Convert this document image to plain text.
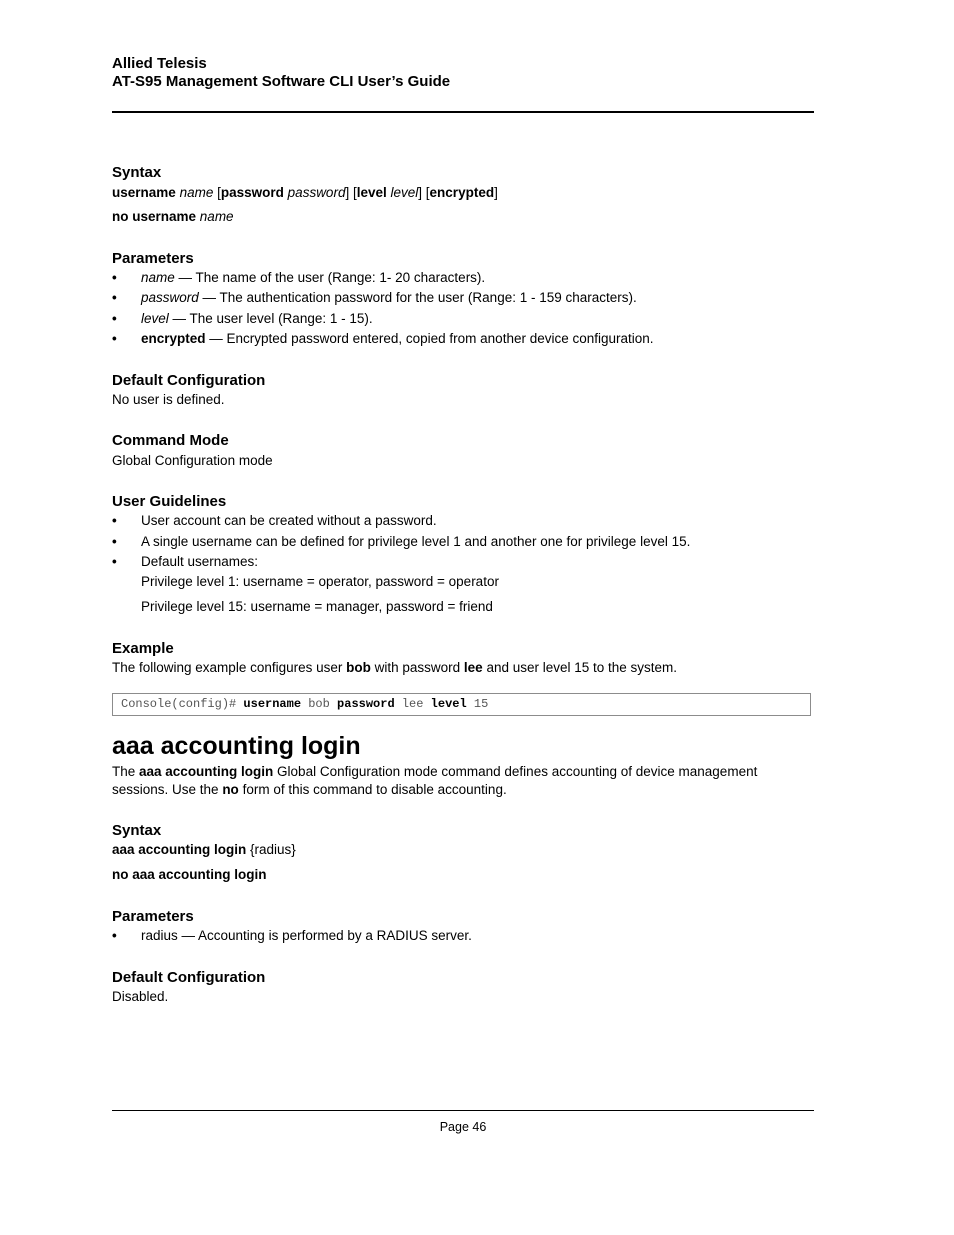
Allied Telesis
AT-S95 Management Software CLI User’s Guide
Syntax
username name [password password] [level level] [encrypted]
no username name
Parameters
• name — The name of the user (Range: 1- 20 characters).
• password — The authentication password for the user (Range: 1 - 159 characters).
• level — The user level (Range: 1 - 15).
• encrypted — Encrypted password entered, copied from another device configuration.
Default Configuration
No user is defined.
Command Mode
Global Configuration mode
User Guidelines
• User account can be created without a password.
• A single username can be defined for privilege level 1 and another one for privilege level 15.
• Default usernames:
Privilege level 1: username = operator, password = operator
Privilege level 15: username = manager, password = friend
Example
The following example configures user bob with password lee and user level 15 to the system.
Console(config)# username bob password lee level 15
aaa accounting login
The aaa accounting login Global Configuration mode command defines accounting of device management
sessions. Use the no form of this command to disable accounting.
Syntax
aaa accounting login {radius}
no aaa accounting login
Parameters
• radius — Accounting is performed by a RADIUS server.
Default Configuration
Disabled.
Page 46
